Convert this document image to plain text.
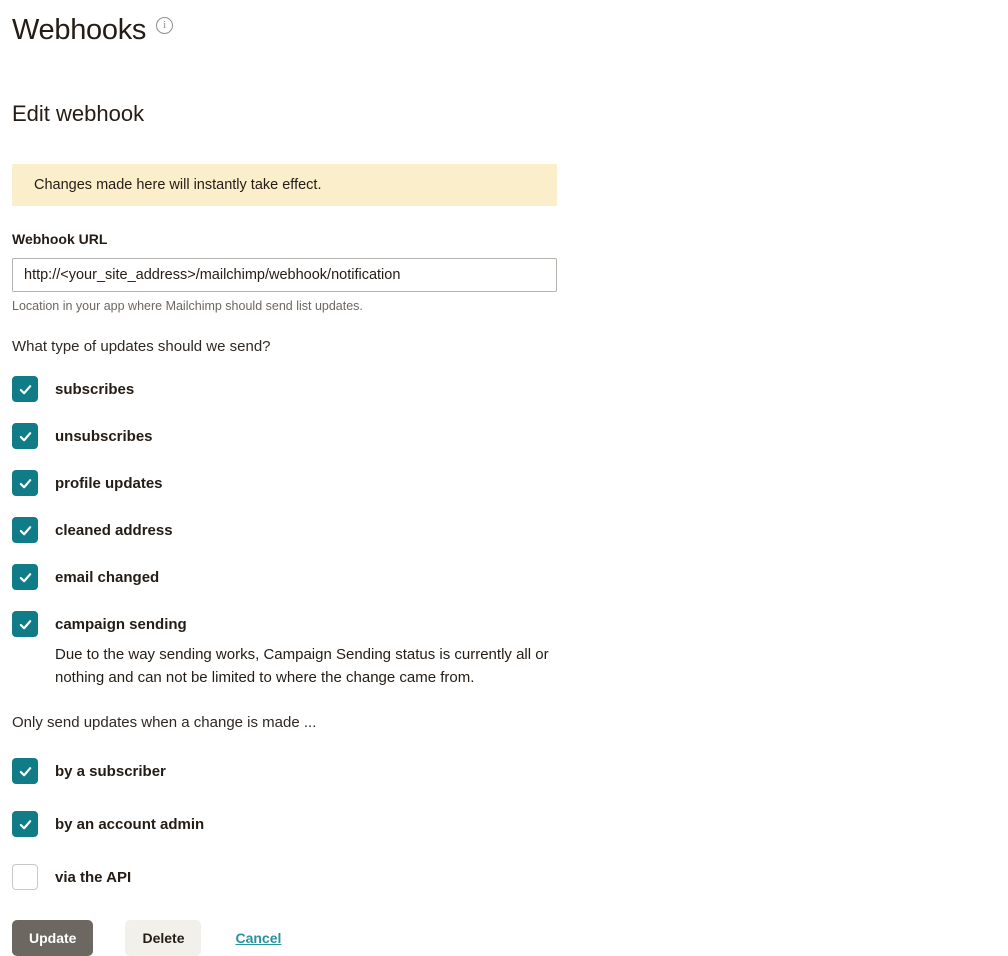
Webhooks	i
Edit webhook
Changes made here will instantly take effect.
Webhook URL
http://<your_site_address>/mailchimp/webhook/notification
Location in your app where Mailchimp should send list updates.
What type of updates should we send?
subscribes
unsubscribes
profile updates
cleaned address
email changed
campaign sending
Due to the way sending works, Campaign Sending status is currently all or nothing and can not be limited to where the change came from.
Only send updates when a change is made ...
by a subscriber
by an account admin
via the API
Update	Delete	Cancel
